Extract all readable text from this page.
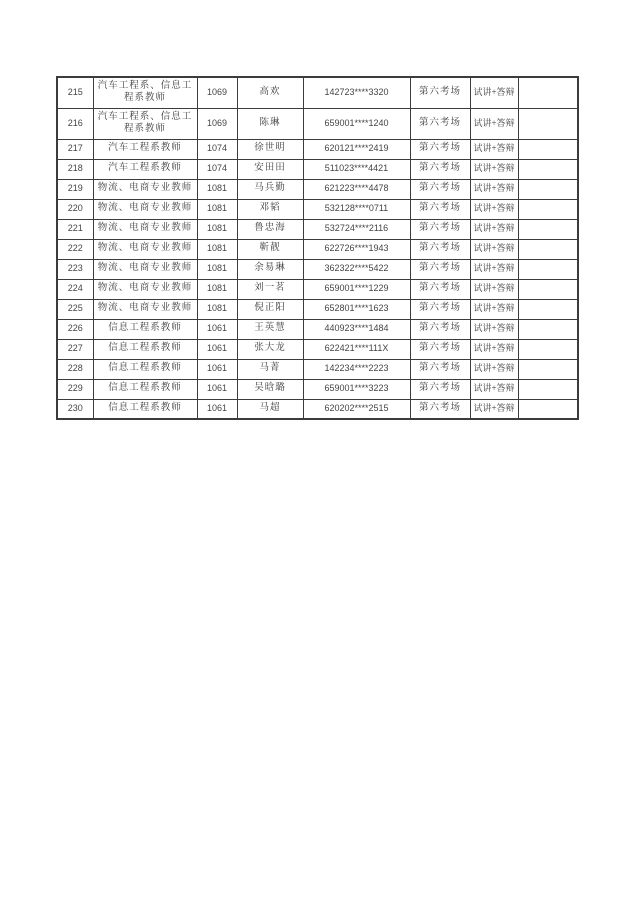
215	汽车工程系、信息工程系教师	1069	高欢	142723****3320	第六考场	试讲+答辩	
216	汽车工程系、信息工程系教师	1069	陈琳	659001****1240	第六考场	试讲+答辩	
217	汽车工程系教师	1074	徐世明	620121****2419	第六考场	试讲+答辩	
218	汽车工程系教师	1074	安田田	511023****4421	第六考场	试讲+答辩	
219	物流、电商专业教师	1081	马兵勤	621223****4478	第六考场	试讲+答辩	
220	物流、电商专业教师	1081	邓韬	532128****0711	第六考场	试讲+答辩	
221	物流、电商专业教师	1081	鲁忠海	532724****2116	第六考场	试讲+答辩	
222	物流、电商专业教师	1081	靳靓	622726****1943	第六考场	试讲+答辩	
223	物流、电商专业教师	1081	余易琳	362322****5422	第六考场	试讲+答辩	
224	物流、电商专业教师	1081	刘一茗	659001****1229	第六考场	试讲+答辩	
225	物流、电商专业教师	1081	倪正阳	652801****1623	第六考场	试讲+答辩	
226	信息工程系教师	1061	王英慧	440923****1484	第六考场	试讲+答辩	
227	信息工程系教师	1061	张大龙	622421****111X	第六考场	试讲+答辩	
228	信息工程系教师	1061	马菁	142234****2223	第六考场	试讲+答辩	
229	信息工程系教师	1061	吴晗璐	659001****3223	第六考场	试讲+答辩	
230	信息工程系教师	1061	马超	620202****2515	第六考场	试讲+答辩	
